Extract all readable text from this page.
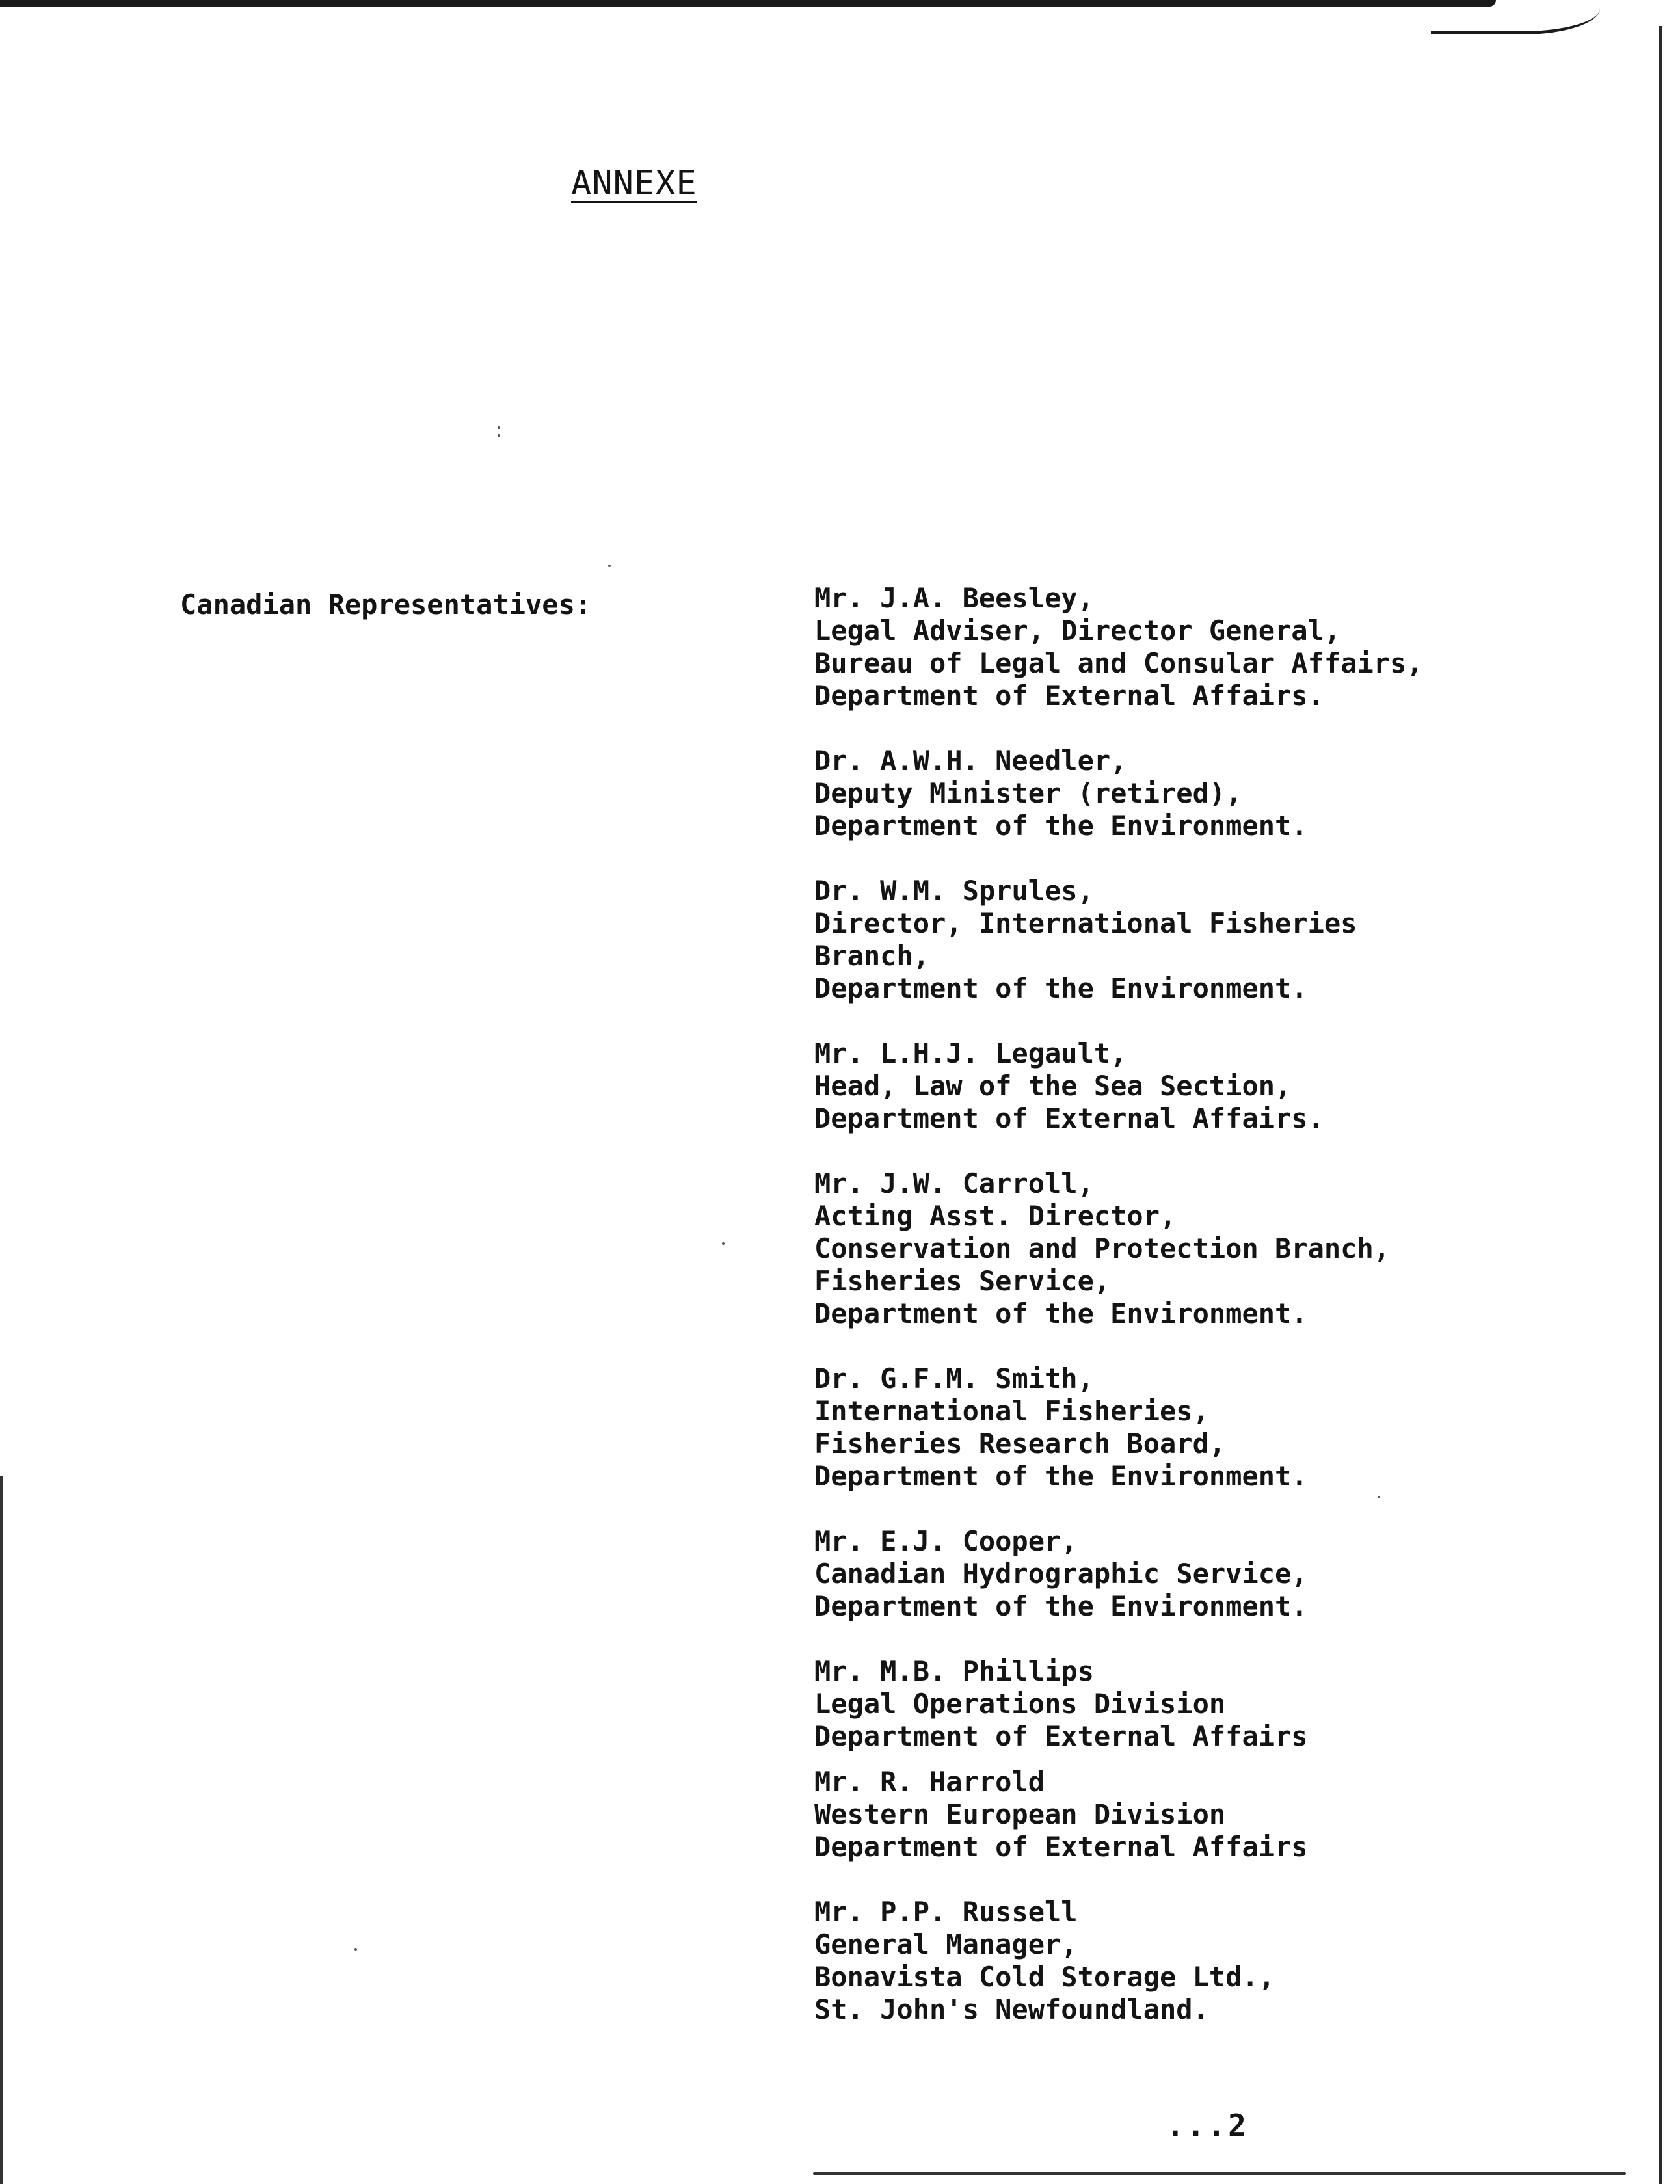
ANNEXE
Canadian Representatives:	Mr. J.A. Beesley,
Legal Adviser, Director General,
Bureau of Legal and Consular Affairs,
Department of External Affairs.
Dr. A.W.H. Needler,
Deputy Minister (retired),
Department of the Environment.
Dr. W.M. Sprules,
Director, International Fisheries
Branch,
Department of the Environment.
Mr. L.H.J. Legault,
Head, Law of the Sea Section,
Department of External Affairs.
Mr. J.W. Carroll,
Acting Asst. Director,
Conservation and Protection Branch,
Fisheries Service,
Department of the Environment.
Dr. G.F.M. Smith,
International Fisheries,
Fisheries Research Board,
Department of the Environment.
Mr. E.J. Cooper,
Canadian Hydrographic Service,
Department of the Environment.
Mr. M.B. Phillips
Legal Operations Division
Department of External Affairs
Mr. R. Harrold
Western European Division
Department of External Affairs
Mr. P.P. Russell
General Manager,
Bonavista Cold Storage Ltd.,
St. John's Newfoundland.
...2
